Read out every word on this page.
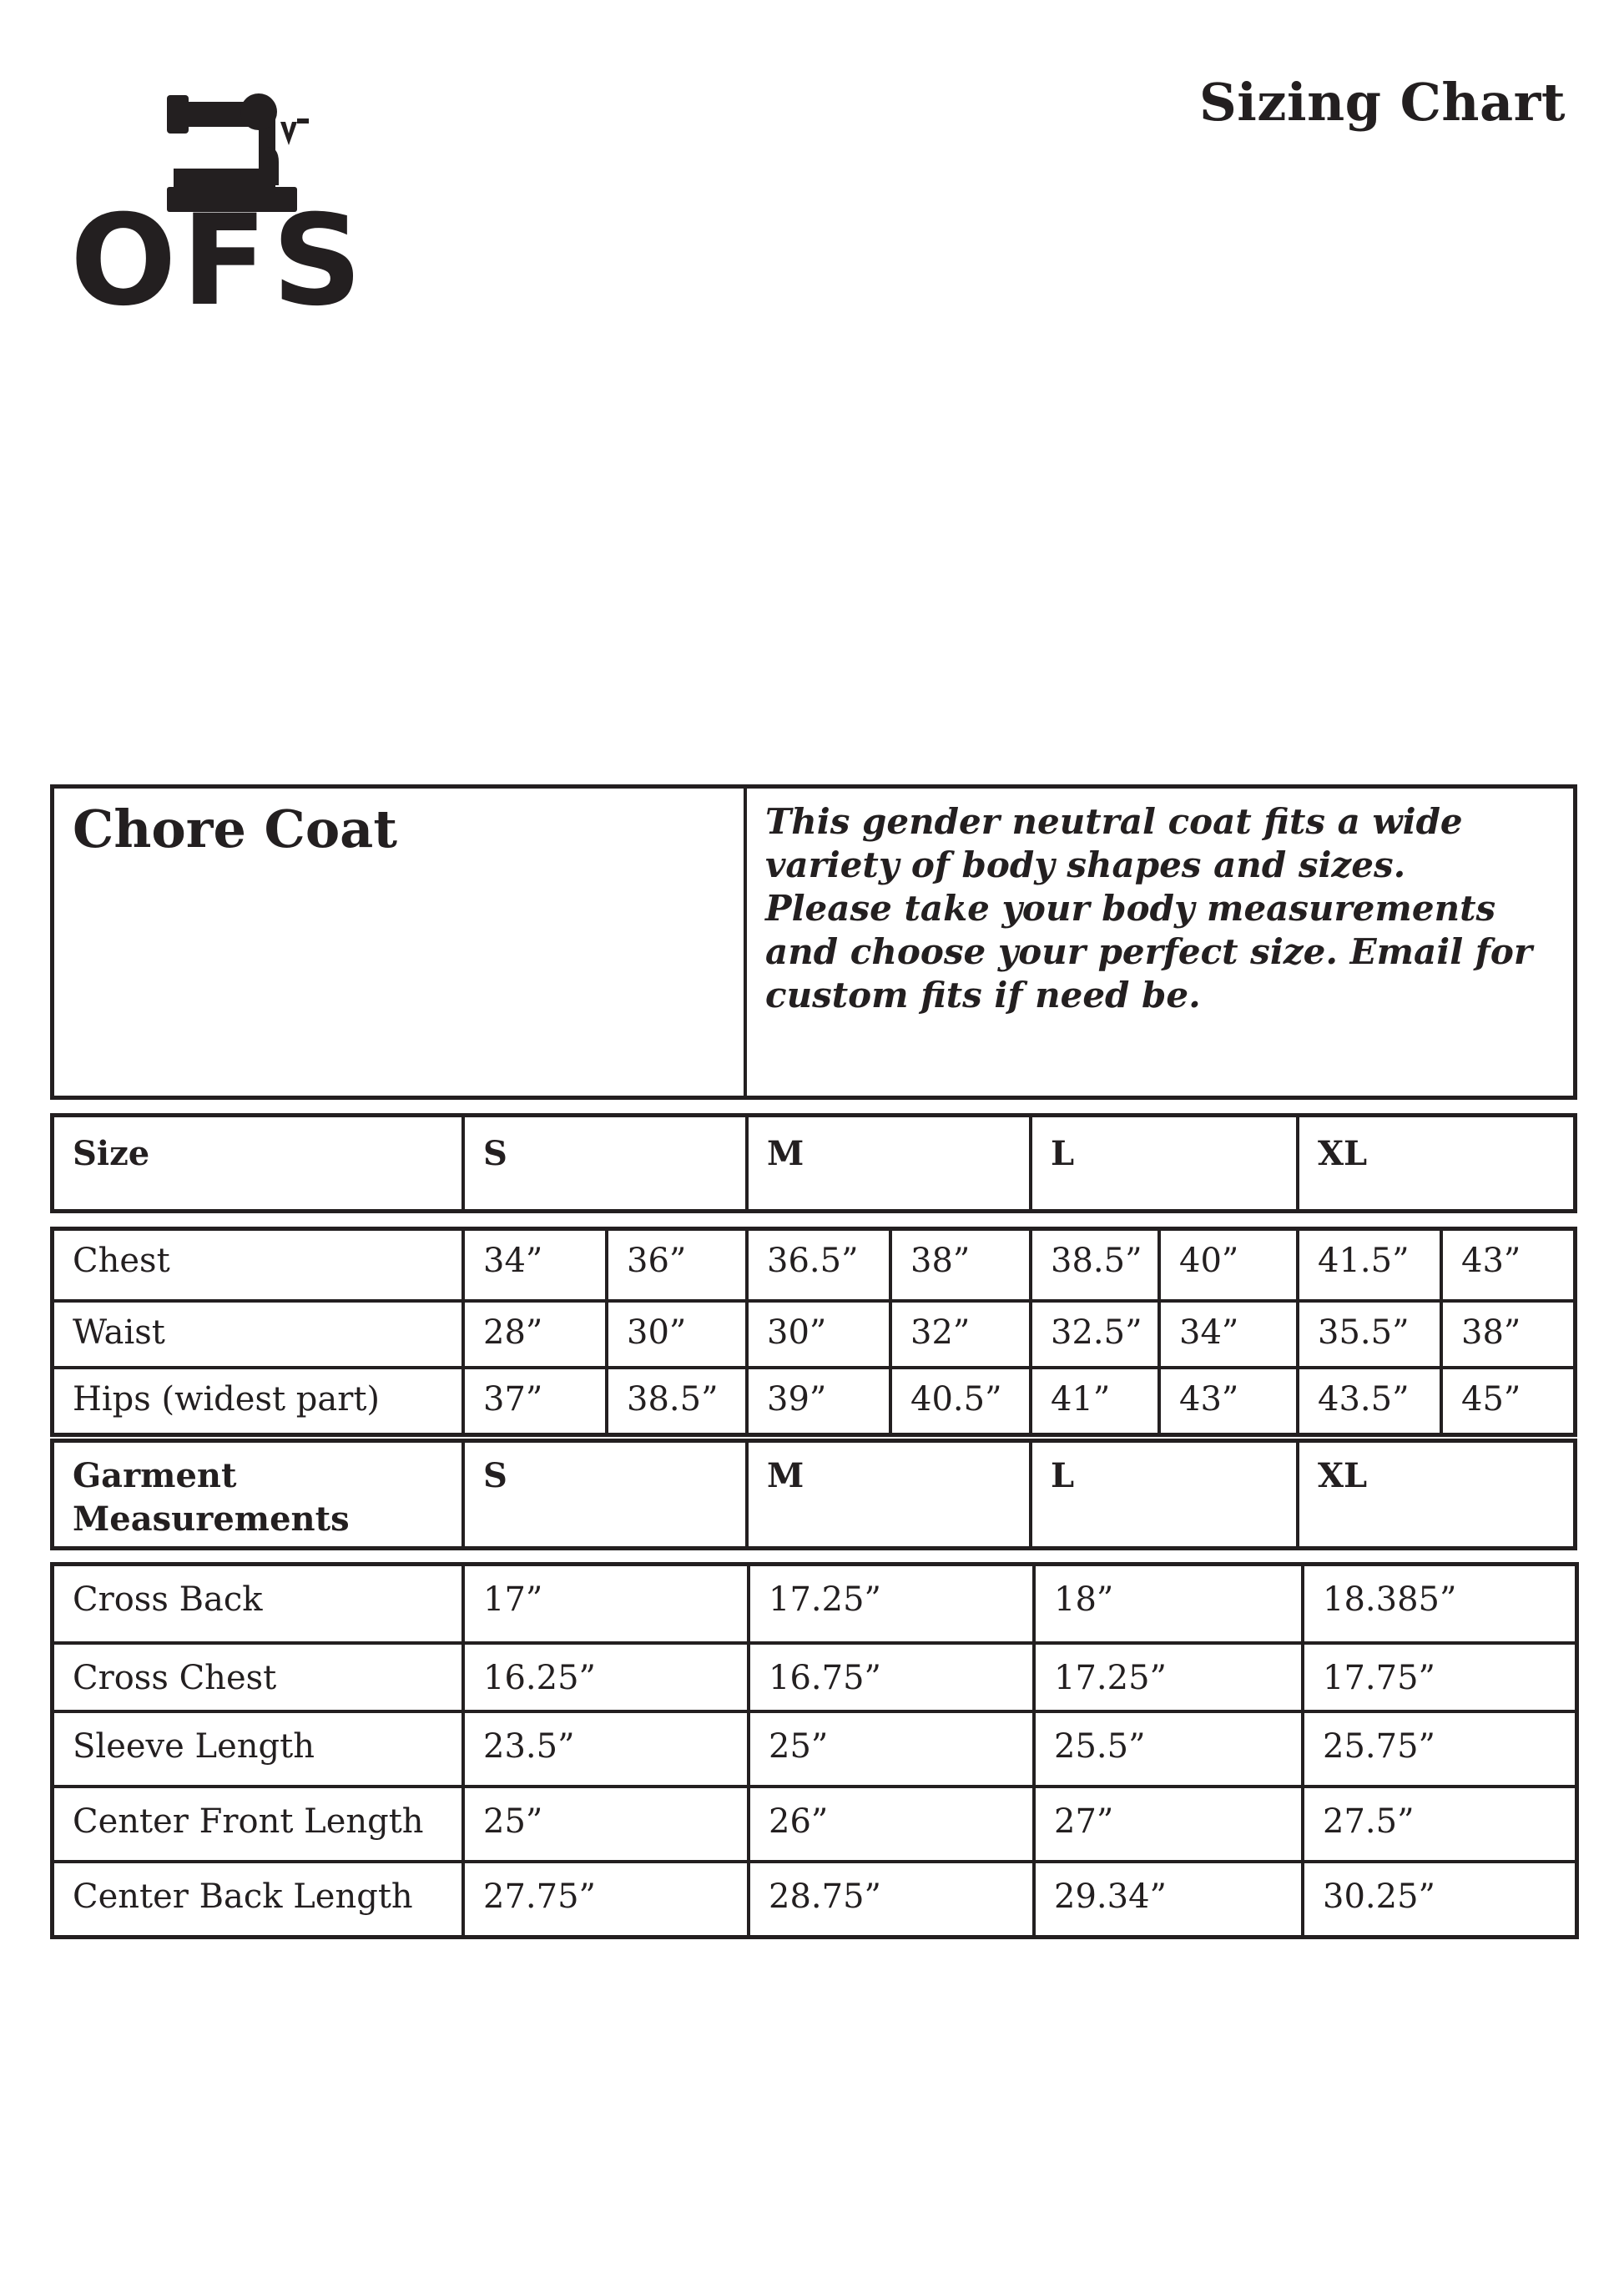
OFS
Sizing Chart
Chore Coat	This gender neutral coat fits a wide variety of body shapes and sizes. Please take your body measurements and choose your perfect size. Email for custom fits if need be.
Size	S	M	L	XL
Chest	34”	36”	36.5”	38”	38.5”	40”	41.5”	43”
Waist	28”	30”	30”	32”	32.5”	34”	35.5”	38”
Hips (widest part)	37”	38.5”	39”	40.5”	41”	43”	43.5”	45”
Garment
Measurements
S	M	L	XL
Cross Back	17”	17.25”	18”	18.385”
Cross Chest	16.25”	16.75”	17.25”	17.75”
Sleeve Length	23.5”	25”	25.5”	25.75”
Center Front Length	25”	26”	27”	27.5”
Center Back Length	27.75”	28.75”	29.34”	30.25”
